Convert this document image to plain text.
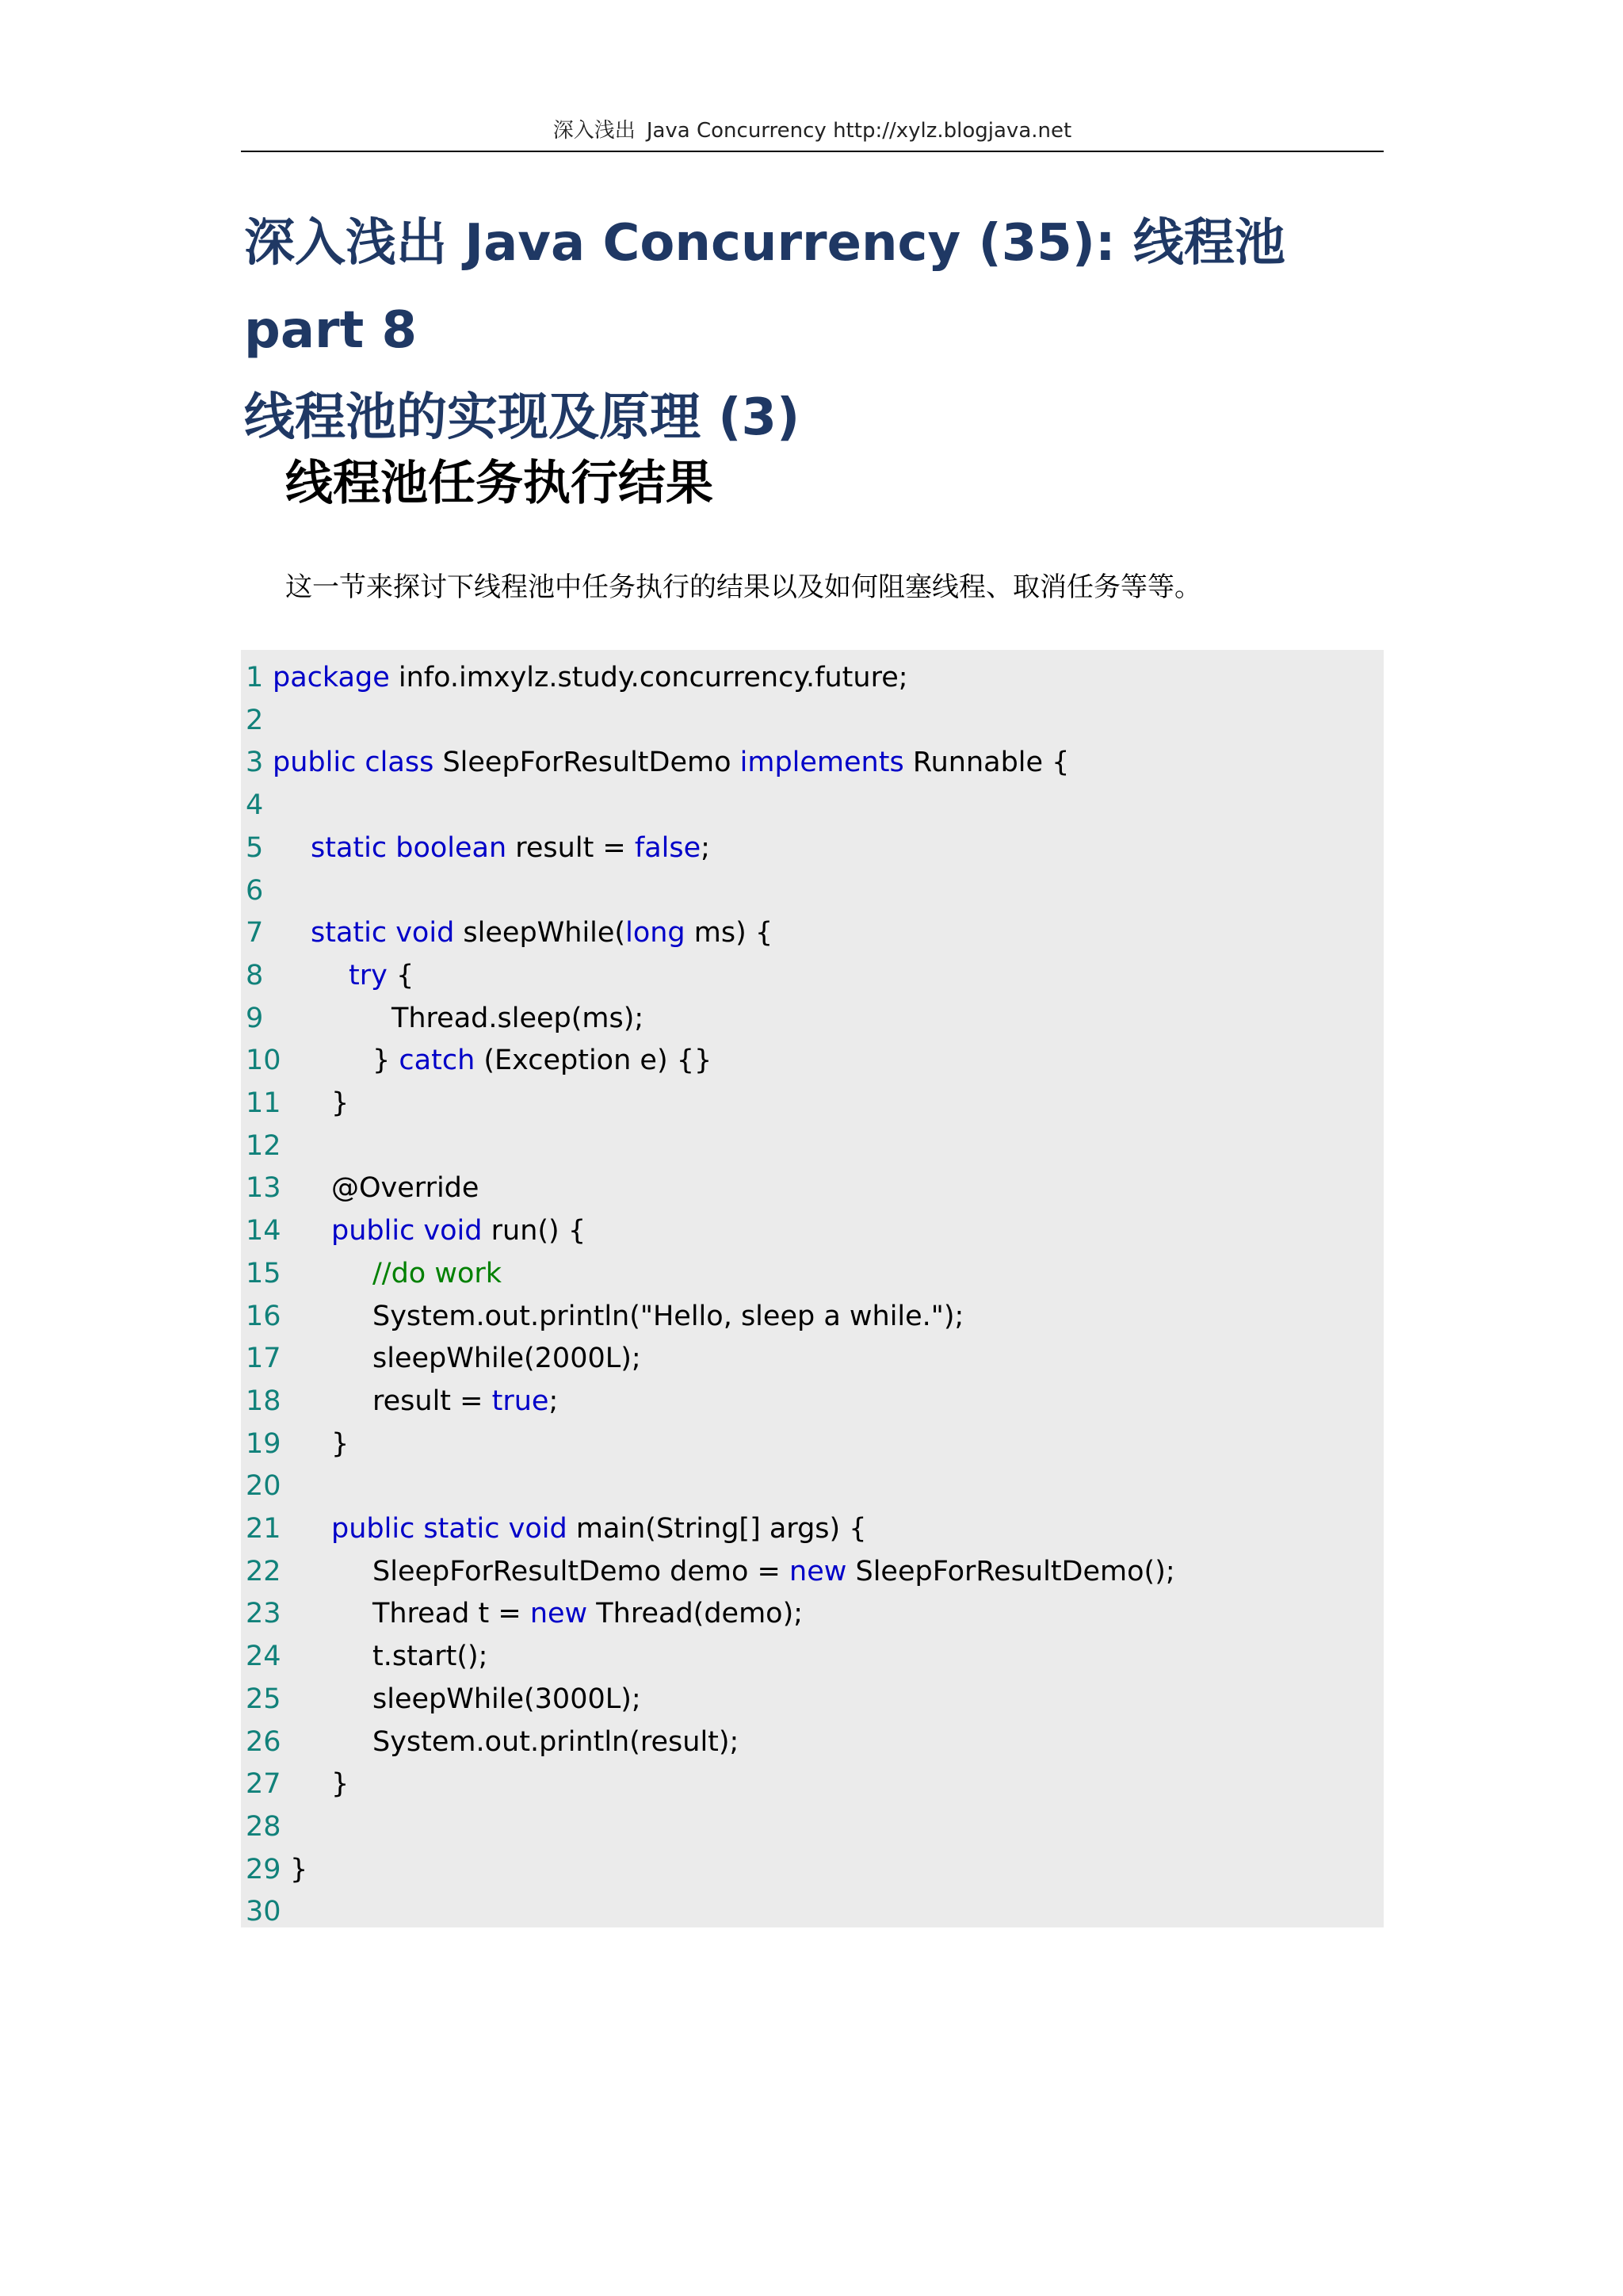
深入浅出 Java Concurrency http://xylz.blogjava.net
深入浅出 Java Concurrency (35): 线程池 part 8
线程池的实现及原理 (3)
线程池任务执行结果

这一节来探讨下线程池中任务执行的结果以及如何阻塞线程、取消任务等等。

1 package info.imxylz.study.concurrency.future;
2
3 public class SleepForResultDemo implements Runnable {
4
5 static boolean result = false;
6
7 static void sleepWhile(long ms) {
8	try {
9	Thread.sleep(ms);
10	} catch (Exception e) {}
11 }
12
13 @Override
14 public void run() {
15	//do work
16	System.out.println("Hello, sleep a while.");
17	sleepWhile(2000L);
18	result = true;
19 }
20
21 public static void main(String[] args) {
22	SleepForResultDemo demo = new SleepForResultDemo();
23	Thread t = new Thread(demo);
24	t.start();
25	sleepWhile(3000L);
26	System.out.println(result);
27 }
28
29 }
30
